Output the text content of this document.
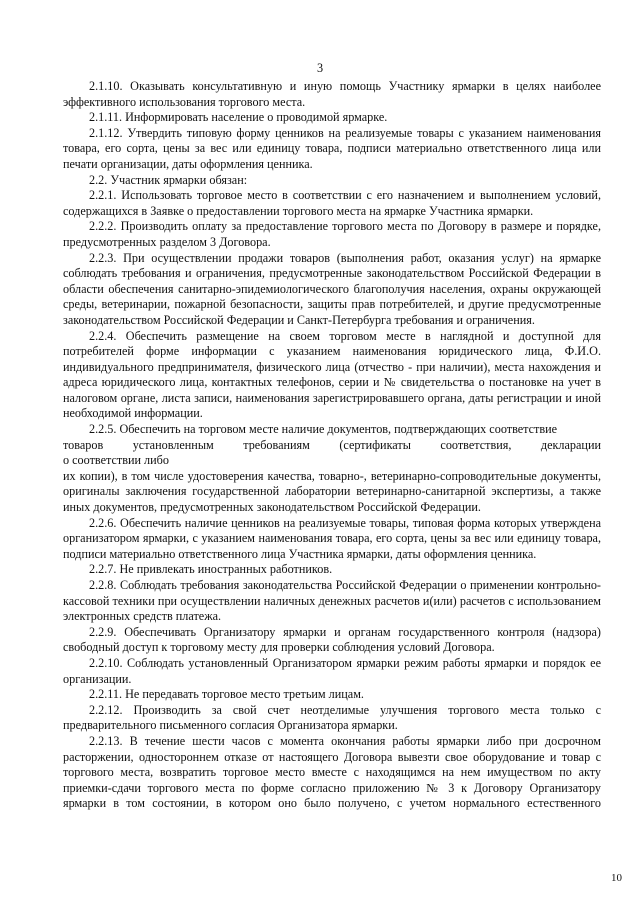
3

2.1.10. Оказывать консультативную и иную помощь Участнику ярмарки в целях наиболее эффективного использования торгового места.

2.1.11. Информировать население о проводимой ярмарке.

2.1.12. Утвердить типовую форму ценников на реализуемые товары с указанием наименования товара, его сорта, цены за вес или единицу товара, подписи материально ответственного лица или печати организации, даты оформления ценника.

2.2. Участник ярмарки обязан:

2.2.1. Использовать торговое место в соответствии с его назначением и выполнением условий, содержащихся в Заявке о предоставлении торгового места на ярмарке Участника ярмарки.

2.2.2. Производить оплату за предоставление торгового места по Договору в размере и порядке, предусмотренных разделом 3 Договора.

2.2.3. При осуществлении продажи товаров (выполнения работ, оказания услуг) на ярмарке соблюдать требования и ограничения, предусмотренные законодательством Российской Федерации в области обеспечения санитарно-эпидемиологического благополучия населения, охраны окружающей среды, ветеринарии, пожарной безопасности, защиты прав потребителей, и другие предусмотренные законодательством Российской Федерации и Санкт-Петербурга требования и ограничения.

2.2.4. Обеспечить размещение на своем торговом месте в наглядной и доступной для потребителей форме информации с указанием наименования юридического лица, Ф.И.О. индивидуального предпринимателя, физического лица (отчество - при наличии), места нахождения и адреса юридического лица, контактных телефонов, серии и № свидетельства о постановке на учет в налоговом органе, листа записи, наименования зарегистрировавшего органа, даты регистрации и иной необходимой информации.

2.2.5. Обеспечить на торговом месте наличие документов, подтверждающих соответствие

товаров установленным требованиям (сертификаты соответствия, декларации
о соответствии либо
их копии), в том числе удостоверения качества, товарно-, ветеринарно-сопроводительные документы, оригиналы заключения государственной лаборатории ветеринарно-санитарной экспертизы, а также иных документов, предусмотренных законодательством Российской Федерации.

2.2.6. Обеспечить наличие ценников на реализуемые товары, типовая форма которых утверждена организатором ярмарки, с указанием наименования товара, его сорта, цены за вес или единицу товара, подписи материально ответственного лица Участника ярмарки, даты оформления ценника.

2.2.7. Не привлекать иностранных работников.

2.2.8. Соблюдать требования законодательства Российской Федерации о применении контрольно-кассовой техники при осуществлении наличных денежных расчетов и(или) расчетов с использованием электронных средств платежа.

2.2.9. Обеспечивать Организатору ярмарки и органам государственного контроля (надзора) свободный доступ к торговому месту для проверки соблюдения условий Договора.

2.2.10. Соблюдать установленный Организатором ярмарки режим работы ярмарки и порядок ее организации.

2.2.11. Не передавать торговое место третьим лицам.

2.2.12. Производить за свой счет неотделимые улучшения торгового места только с предварительного письменного согласия Организатора ярмарки.

2.2.13. В течение шести часов с момента окончания работы ярмарки либо при досрочном расторжении, одностороннем отказе от настоящего Договора вывезти свое оборудование и товар с торгового места, возвратить торговое место вместе с находящимся на нем имуществом по акту приемки-сдачи торгового места по форме согласно приложению № 3 к Договору Организатору ярмарки в том состоянии, в котором оно было получено, с учетом нормального естественного

10
